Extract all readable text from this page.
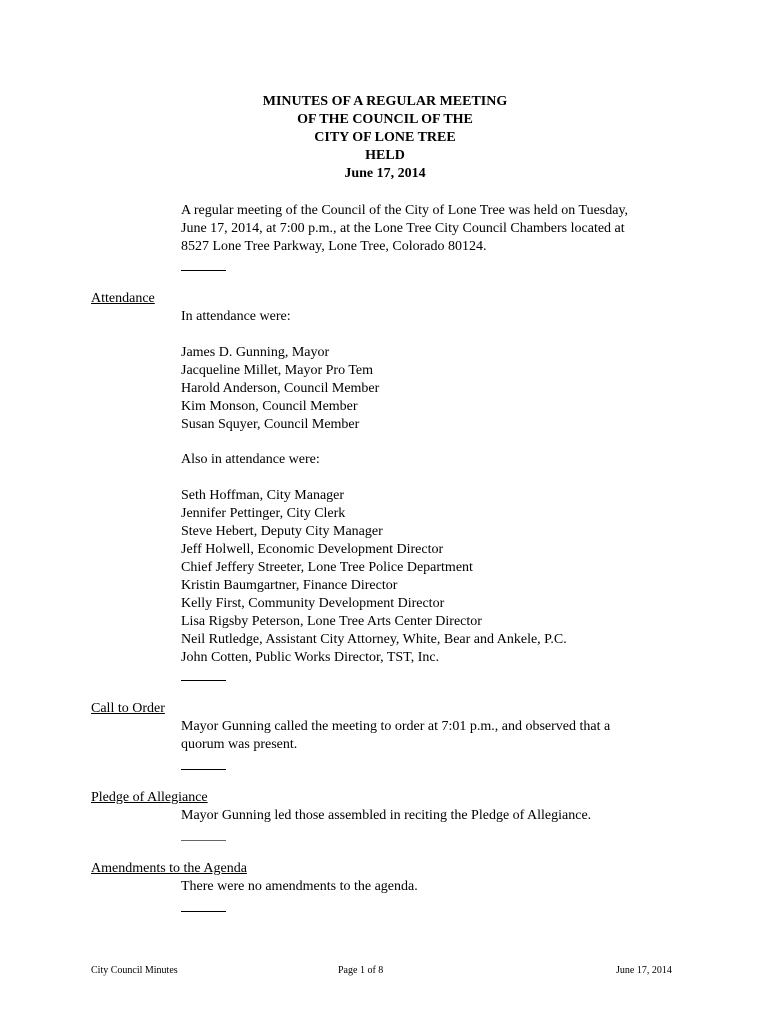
MINUTES OF A REGULAR MEETING
OF THE COUNCIL OF THE
CITY OF LONE TREE
HELD
June 17, 2014
A regular meeting of the Council of the City of Lone Tree was held on Tuesday,
June 17, 2014, at 7:00 p.m., at the Lone Tree City Council Chambers located at
8527 Lone Tree Parkway, Lone Tree, Colorado 80124.
Attendance
In attendance were:
James D. Gunning, Mayor
Jacqueline Millet, Mayor Pro Tem
Harold Anderson, Council Member
Kim Monson, Council Member
Susan Squyer, Council Member
Also in attendance were:
Seth Hoffman, City Manager
Jennifer Pettinger, City Clerk
Steve Hebert, Deputy City Manager
Jeff Holwell, Economic Development Director
Chief Jeffery Streeter, Lone Tree Police Department
Kristin Baumgartner, Finance Director
Kelly First, Community Development Director
Lisa Rigsby Peterson, Lone Tree Arts Center Director
Neil Rutledge, Assistant City Attorney, White, Bear and Ankele, P.C.
John Cotten, Public Works Director, TST, Inc.
Call to Order
Mayor Gunning called the meeting to order at 7:01 p.m., and observed that a
quorum was present.
Pledge of Allegiance
Mayor Gunning led those assembled in reciting the Pledge of Allegiance.
Amendments to the Agenda
There were no amendments to the agenda.
City Council Minutes	Page 1 of 8	June 17, 2014
